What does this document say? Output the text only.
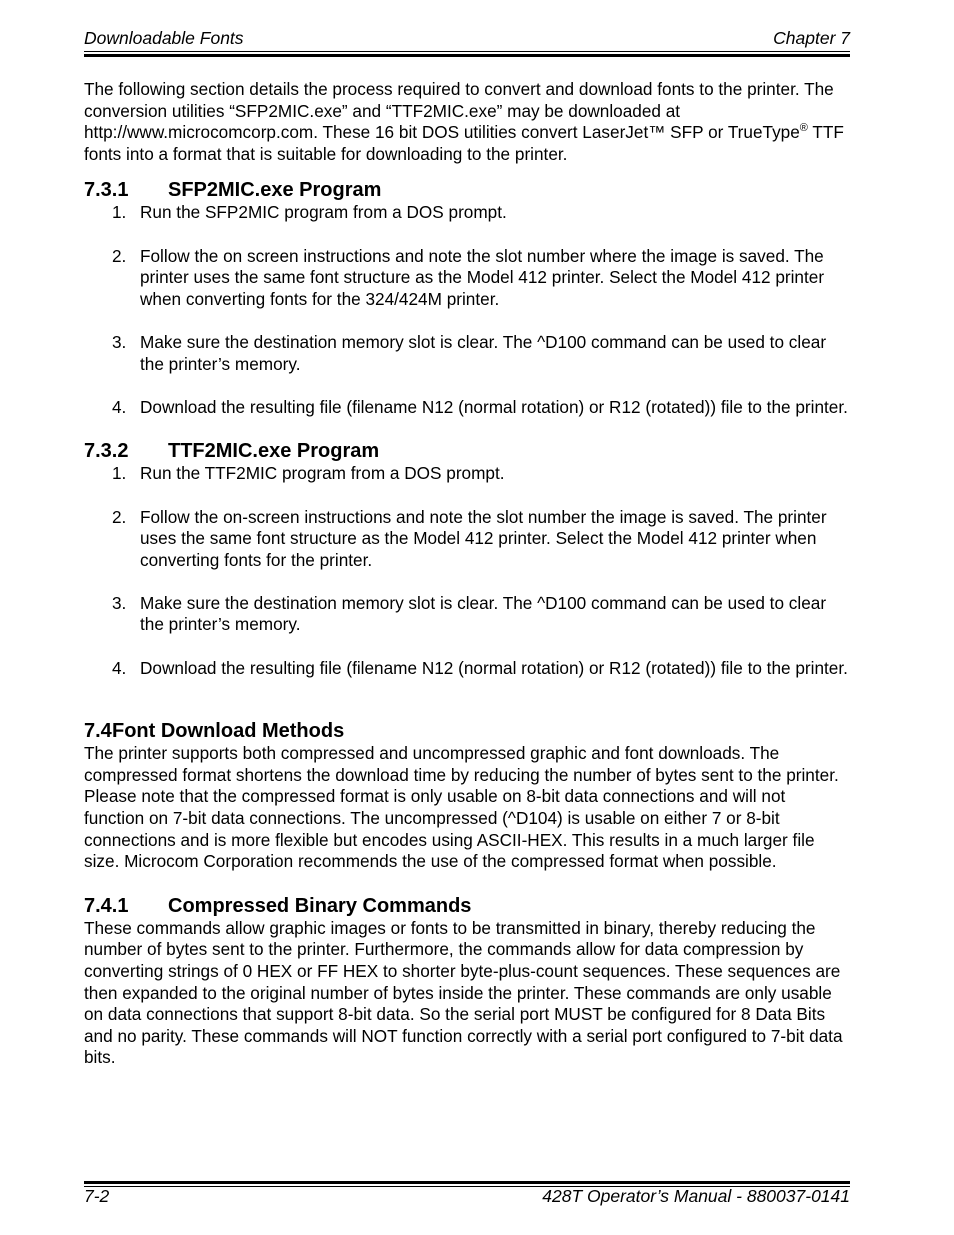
Downloadable Fonts	Chapter 7

The following section details the process required to convert and download fonts to the printer. The conversion utilities “SFP2MIC.exe” and “TTF2MIC.exe” may be downloaded at http://www.microcomcorp.com. These 16 bit DOS utilities convert LaserJet™ SFP or TrueType® TTF fonts into a format that is suitable for downloading to the printer.

7.3.1 SFP2MIC.exe Program
1. Run the SFP2MIC program from a DOS prompt.
2. Follow the on screen instructions and note the slot number where the image is saved. The printer uses the same font structure as the Model 412 printer. Select the Model 412 printer when converting fonts for the 324/424M printer.
3. Make sure the destination memory slot is clear. The ^D100 command can be used to clear the printer’s memory.
4. Download the resulting file (filename N12 (normal rotation) or R12 (rotated)) file to the printer.
7.3.2 TTF2MIC.exe Program
1. Run the TTF2MIC program from a DOS prompt.
2. Follow the on-screen instructions and note the slot number the image is saved. The printer uses the same font structure as the Model 412 printer. Select the Model 412 printer when converting fonts for the printer.
3. Make sure the destination memory slot is clear. The ^D100 command can be used to clear the printer’s memory.
4. Download the resulting file (filename N12 (normal rotation) or R12 (rotated)) file to the printer.
7.4Font Download Methods

The printer supports both compressed and uncompressed graphic and font downloads. The compressed format shortens the download time by reducing the number of bytes sent to the printer. Please note that the compressed format is only usable on 8-bit data connections and will not function on 7-bit data connections. The uncompressed (^D104) is usable on either 7 or 8-bit connections and is more flexible but encodes using ASCII-HEX. This results in a much larger file size. Microcom Corporation recommends the use of the compressed format when possible.

7.4.1 Compressed Binary Commands

These commands allow graphic images or fonts to be transmitted in binary, thereby reducing the number of bytes sent to the printer. Furthermore, the commands allow for data compression by converting strings of 0 HEX or FF HEX to shorter byte-plus-count sequences. These sequences are then expanded to the original number of bytes inside the printer. These commands are only usable on data connections that support 8-bit data. So the serial port MUST be configured for 8 Data Bits and no parity. These commands will NOT function correctly with a serial port configured to 7-bit data bits.

7-2	428T Operator’s Manual - 880037-0141
